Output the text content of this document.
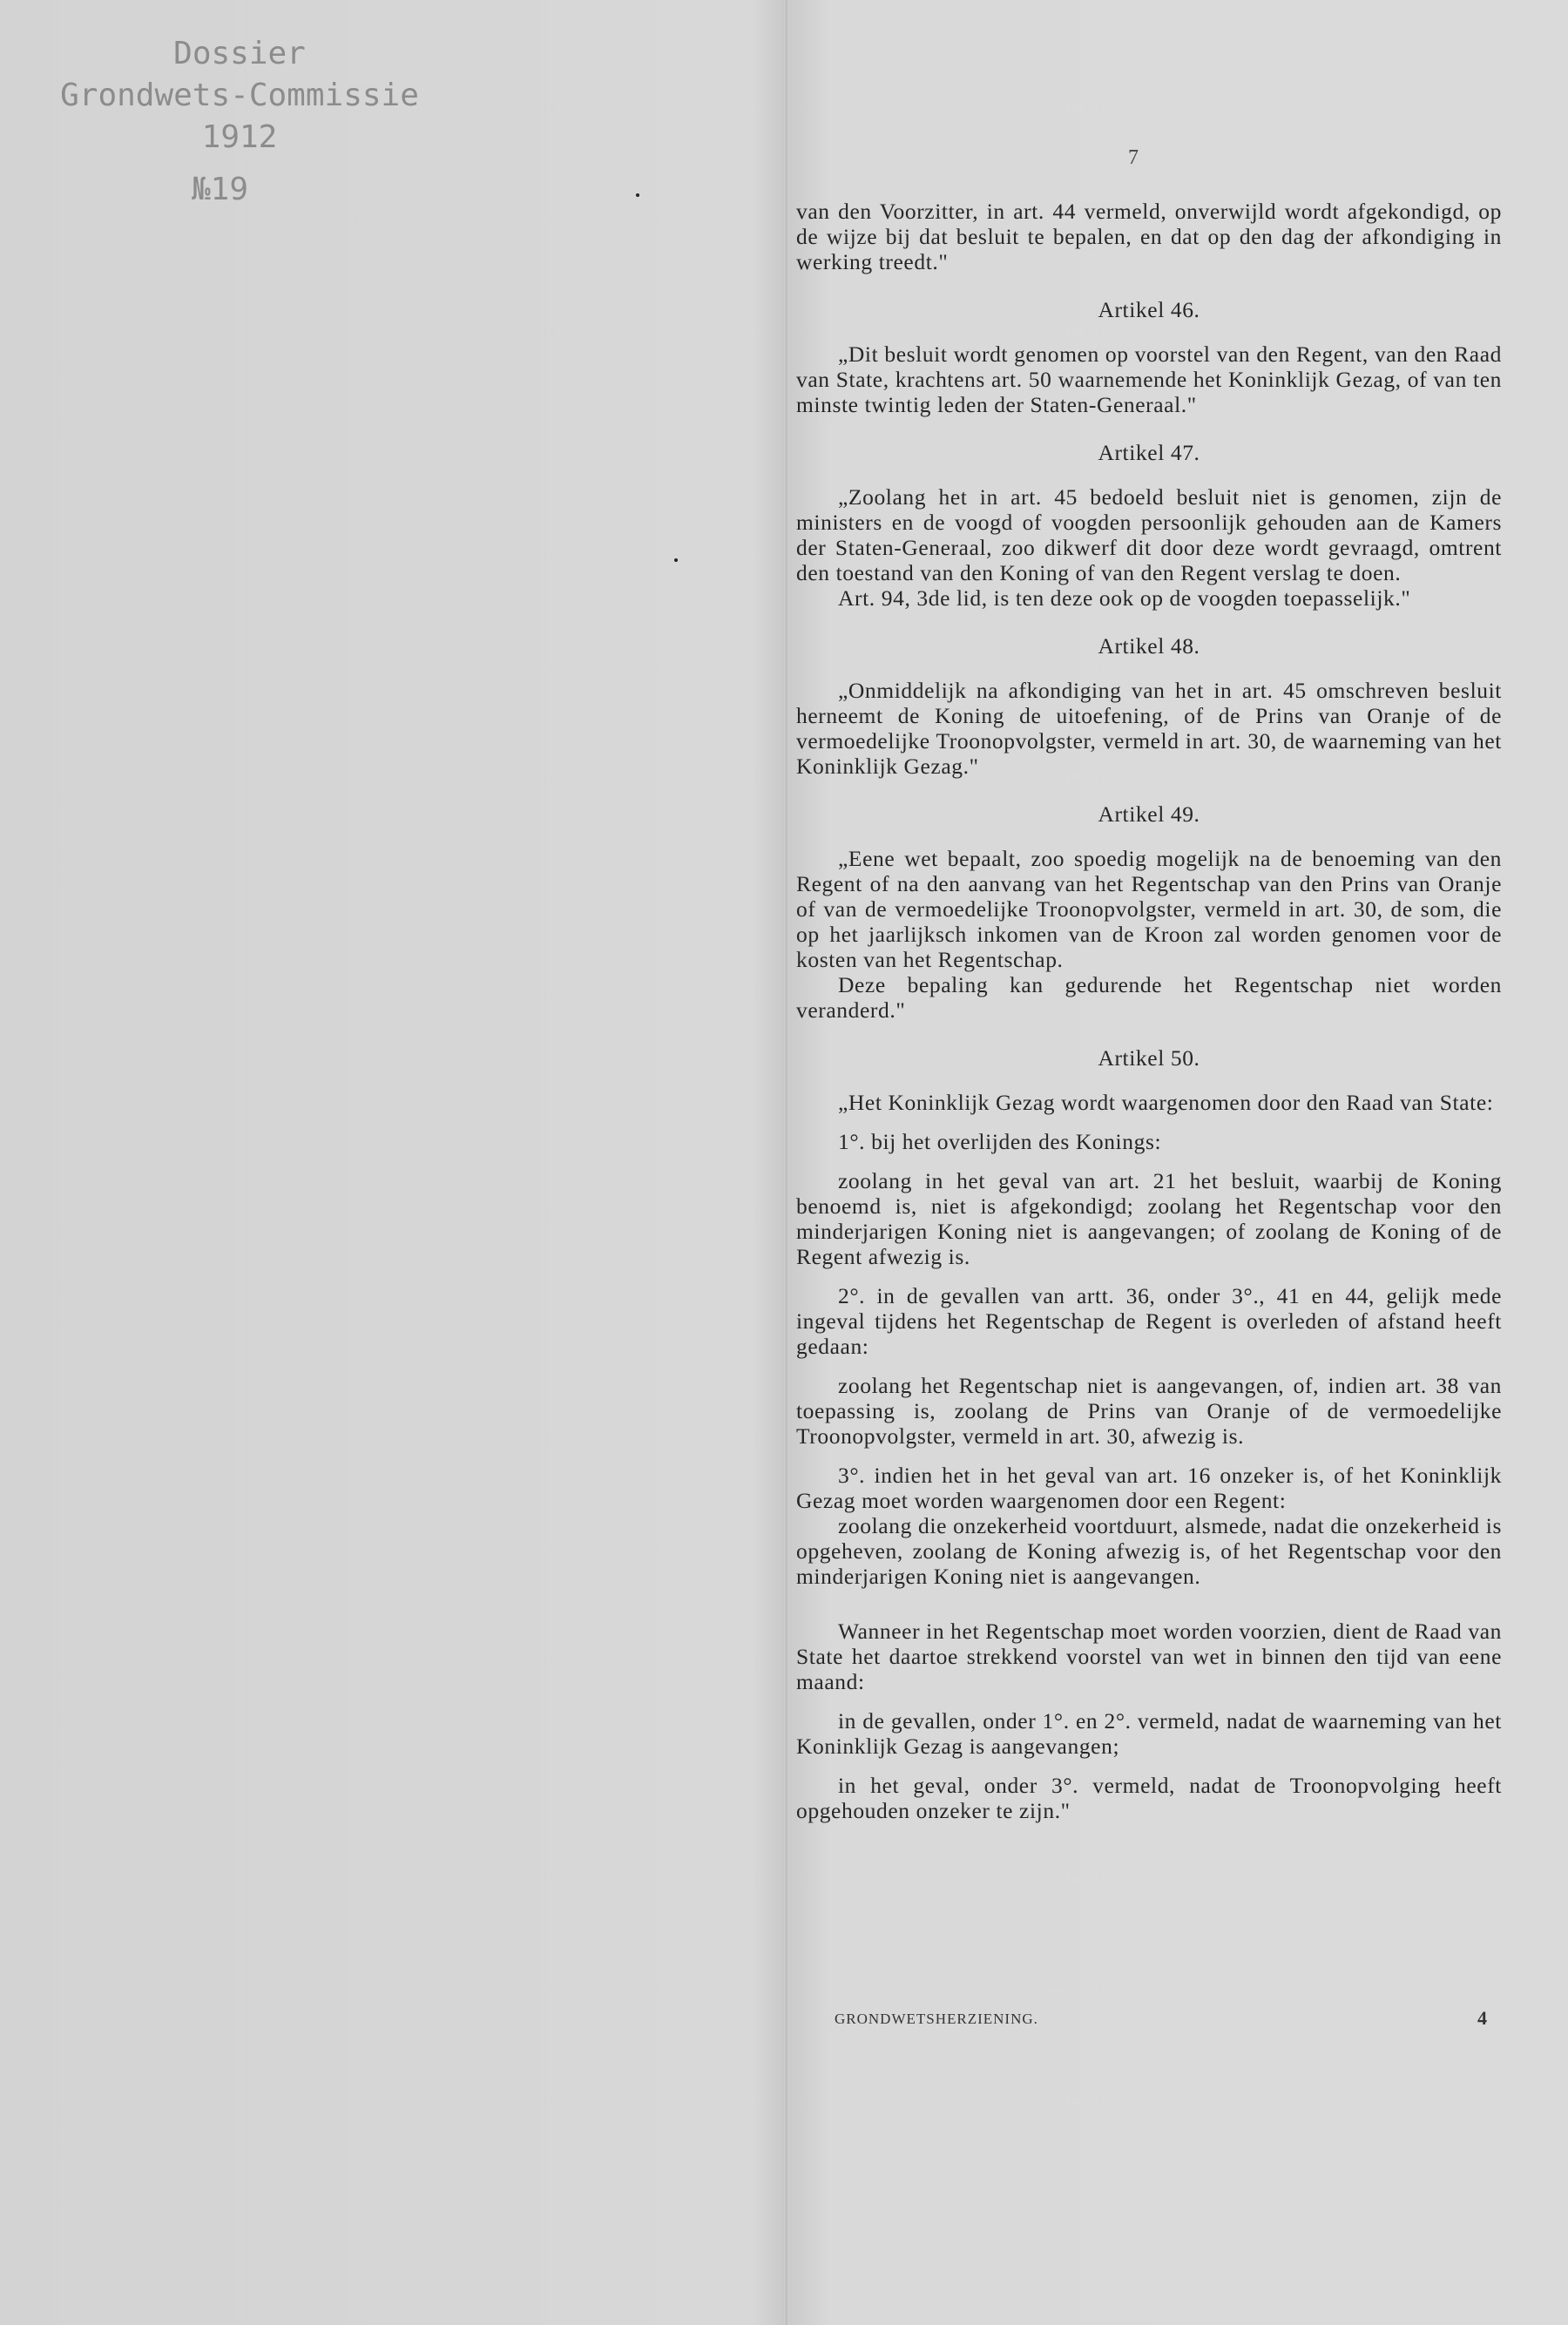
Dossier
Grondwets-Commissie
1912
№19
7

van den Voorzitter, in art. 44 vermeld, onverwijld wordt afgekondigd, op de wijze bij dat besluit te bepalen, en dat op den dag der afkondiging in werking treedt."

Artikel 46.

„Dit besluit wordt genomen op voorstel van den Regent, van den Raad van State, krachtens art. 50 waarnemende het Koninklijk Gezag, of van ten minste twintig leden der Staten-Generaal."

Artikel 47.

„Zoolang het in art. 45 bedoeld besluit niet is genomen, zijn de ministers en de voogd of voogden persoonlijk gehouden aan de Kamers der Staten-Generaal, zoo dikwerf dit door deze wordt gevraagd, omtrent den toestand van den Koning of van den Regent verslag te doen.

Art. 94, 3de lid, is ten deze ook op de voogden toepasselijk."

Artikel 48.

„Onmiddelijk na afkondiging van het in art. 45 omschreven besluit herneemt de Koning de uitoefening, of de Prins van Oranje of de vermoedelijke Troonopvolgster, vermeld in art. 30, de waarneming van het Koninklijk Gezag."

Artikel 49.

„Eene wet bepaalt, zoo spoedig mogelijk na de benoeming van den Regent of na den aanvang van het Regentschap van den Prins van Oranje of van de vermoedelijke Troonopvolgster, vermeld in art. 30, de som, die op het jaarlijksch inkomen van de Kroon zal worden genomen voor de kosten van het Regentschap.

Deze bepaling kan gedurende het Regentschap niet worden veranderd."

Artikel 50.

„Het Koninklijk Gezag wordt waargenomen door den Raad van State:

1°. bij het overlijden des Konings:

zoolang in het geval van art. 21 het besluit, waarbij de Koning benoemd is, niet is afgekondigd; zoolang het Regentschap voor den minderjarigen Koning niet is aangevangen; of zoolang de Koning of de Regent afwezig is.

2°. in de gevallen van artt. 36, onder 3°., 41 en 44, gelijk mede ingeval tijdens het Regentschap de Regent is overleden of afstand heeft gedaan:

zoolang het Regentschap niet is aangevangen, of, indien art. 38 van toepassing is, zoolang de Prins van Oranje of de vermoedelijke Troonopvolgster, vermeld in art. 30, afwezig is.

3°. indien het in het geval van art. 16 onzeker is, of het Koninklijk Gezag moet worden waargenomen door een Regent:

zoolang die onzekerheid voortduurt, alsmede, nadat die onzekerheid is opgeheven, zoolang de Koning afwezig is, of het Regentschap voor den minderjarigen Koning niet is aangevangen.

Wanneer in het Regentschap moet worden voorzien, dient de Raad van State het daartoe strekkend voorstel van wet in binnen den tijd van eene maand:

in de gevallen, onder 1°. en 2°. vermeld, nadat de waarneming van het Koninklijk Gezag is aangevangen;

in het geval, onder 3°. vermeld, nadat de Troonopvolging heeft opgehouden onzeker te zijn."

GRONDWETSHERZIENING.	4
